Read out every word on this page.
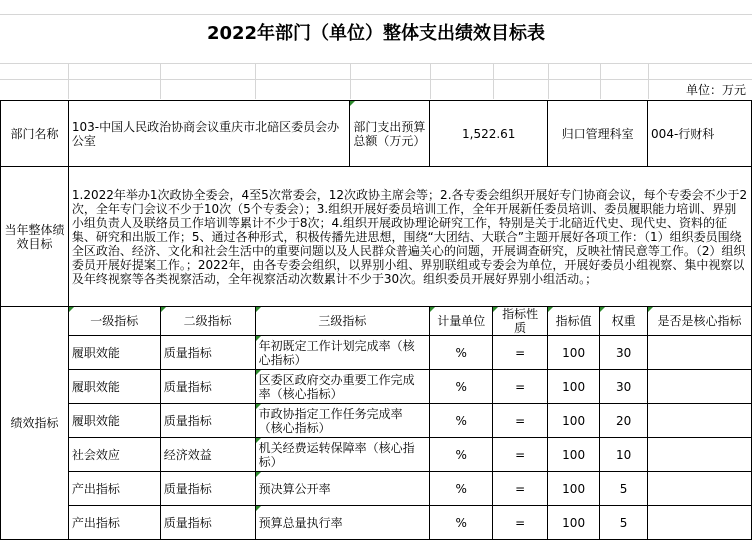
2022年部门（单位）整体支出绩效目标表
单位：万元
部门名称	103-中国人民政治协商会议重庆市北碚区委员会办公室			部门支出预算总额（万元）	1,522.61		归口管理科室		004-行财科
当年整体绩效目标	1.2022年举办1次政协全委会，4至5次常委会，12次政协主席会等；2.各专委会组织开展好专门协商会议，每个专委会不少于2次，全年专门会议不少于10次（5个专委会）；3.组织开展好委员培训工作，全年开展新任委员培训、委员履职能力培训、界别小组负责人及联络员工作培训等累计不少于8次；4.组织开展政协理论研究工作，特别是关于北碚近代史、现代史、资料的征集、研究和出版工作；5、通过各种形式，积极传播先进思想，围绕“大团结、大联合”主题开展好各项工作：（1）组织委员围绕全区政治、经济、文化和社会生活中的重要问题以及人民群众普遍关心的问题，开展调查研究，反映社情民意等工作。（2）组织委员开展好提案工作。；2022年，由各专委会组织，以界别小组、界别联组或专委会为单位，开展好委员小组视察、集中视察以及年终视察等各类视察活动，全年视察活动次数累计不少于30次。组织委员开展好界别小组活动。；								
绩效指标	一级指标	二级指标	三级指标		计量单位	指标性质	指标值	权重	是否是核心指标
	履职效能	质量指标	年初既定工作计划完成率（核心指标）		%	=	100	30	
	履职效能	质量指标	区委区政府交办重要工作完成率（核心指标）		%	=	100	30	
	履职效能	质量指标	市政协指定工作任务完成率（核心指标）		%	=	100	20	
	社会效应	经济效益	机关经费运转保障率（核心指标）		%	=	100	10	
	产出指标	质量指标	预决算公开率		%	=	100	5	
	产出指标	质量指标	预算总量执行率		%	=	100	5	
